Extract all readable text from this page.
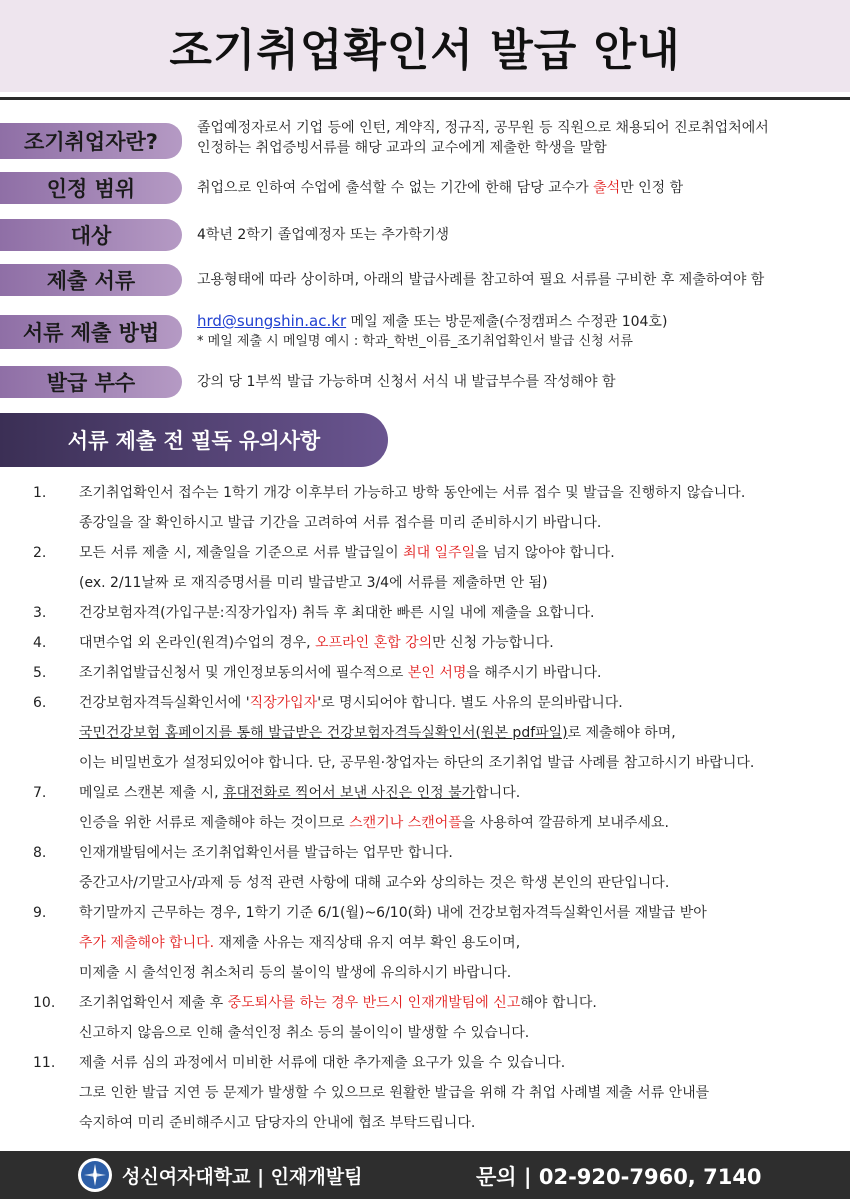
조기취업확인서 발급 안내
조기취업자란?
졸업예정자로서 기업 등에 인턴, 계약직, 정규직, 공무원 등 직원으로 채용되어 진로취업처에서
인정하는 취업증빙서류를 해당 교과의 교수에게 제출한 학생을 말함
인정 범위	취업으로 인하여 수업에 출석할 수 없는 기간에 한해 담당 교수가 출석만 인정 함
대상	4학년 2학기 졸업예정자 또는 추가학기생
제출 서류	고용형태에 따라 상이하며, 아래의 발급사례를 참고하여 필요 서류를 구비한 후 제출하여야 함
서류 제출 방법	hrd@sungshin.ac.kr 메일 제출 또는 방문제출(수정캠퍼스 수정관 104호)
* 메일 제출 시 메일명 예시 : 학과_학번_이름_조기취업확인서 발급 신청 서류
발급 부수	강의 당 1부씩 발급 가능하며 신청서 서식 내 발급부수를 작성해야 함
서류 제출 전 필독 유의사항
1.	조기취업확인서 접수는 1학기 개강 이후부터 가능하고 방학 동안에는 서류 접수 및 발급을 진행하지 않습니다.
종강일을 잘 확인하시고 발급 기간을 고려하여 서류 접수를 미리 준비하시기 바랍니다.
2.	모든 서류 제출 시, 제출일을 기준으로 서류 발급일이 최대 일주일을 넘지 않아야 합니다.
(ex. 2/11날짜 로 재직증명서를 미리 발급받고 3/4에 서류를 제출하면 안 됨)
3.	건강보험자격(가입구분:직장가입자) 취득 후 최대한 빠른 시일 내에 제출을 요합니다.
4.	대면수업 외 온라인(원격)수업의 경우, 오프라인 혼합 강의만 신청 가능합니다.
5.	조기취업발급신청서 및 개인정보동의서에 필수적으로 본인 서명을 해주시기 바랍니다.
6.	건강보험자격득실확인서에 '직장가입자'로 명시되어야 합니다. 별도 사유의 문의바랍니다.
국민건강보험 홈페이지를 통해 발급받은 건강보험자격득실확인서(원본 pdf파일)로 제출해야 하며,
이는 비밀번호가 설정되있어야 합니다. 단, 공무원·창업자는 하단의 조기취업 발급 사례를 참고하시기 바랍니다.
7.	메일로 스캔본 제출 시, 휴대전화로 찍어서 보낸 사진은 인정 불가합니다.
인증을 위한 서류로 제출해야 하는 것이므로 스캔기나 스캔어플을 사용하여 깔끔하게 보내주세요.
8.	인재개발팀에서는 조기취업확인서를 발급하는 업무만 합니다.
중간고사/기말고사/과제 등 성적 관련 사항에 대해 교수와 상의하는 것은 학생 본인의 판단입니다.
9.	학기말까지 근무하는 경우, 1학기 기준 6/1(월)~6/10(화) 내에 건강보험자격득실확인서를 재발급 받아
추가 제출해야 합니다. 재제출 사유는 재직상태 유지 여부 확인 용도이며,
미제출 시 출석인정 취소처리 등의 불이익 발생에 유의하시기 바랍니다.
10.	조기취업확인서 제출 후 중도퇴사를 하는 경우 반드시 인재개발팀에 신고해야 합니다.
신고하지 않음으로 인해 출석인정 취소 등의 불이익이 발생할 수 있습니다.
11.	제출 서류 심의 과정에서 미비한 서류에 대한 추가제출 요구가 있을 수 있습니다.
그로 인한 발급 지연 등 문제가 발생할 수 있으므로 원활한 발급을 위해 각 취업 사례별 제출 서류 안내를
숙지하여 미리 준비해주시고 담당자의 안내에 협조 부탁드립니다.
성신여자대학교 | 인재개발팀	문의 | 02-920-7960, 7140
